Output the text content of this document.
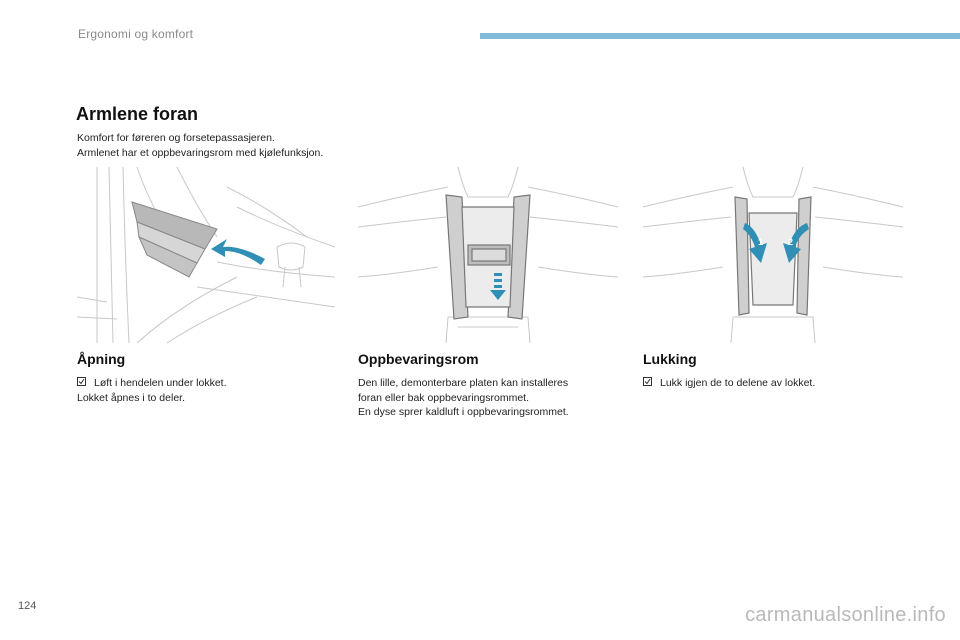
Ergonomi og komfort
Armlene foran

Komfort for føreren og forsetepassasjeren.

Armlenet har et oppbevaringsrom med kjølefunksjon.

1	2
Åpning

Løft i hendelen under lokket.

Lokket åpnes i to deler.

Oppbevaringsrom

Den lille, demonterbare platen kan installeres

foran eller bak oppbevaringsrommet.

En dyse sprer kaldluft i oppbevaringsrommet.

Lukking

Lukk igjen de to delene av lokket.

124	carmanualsonline.info
